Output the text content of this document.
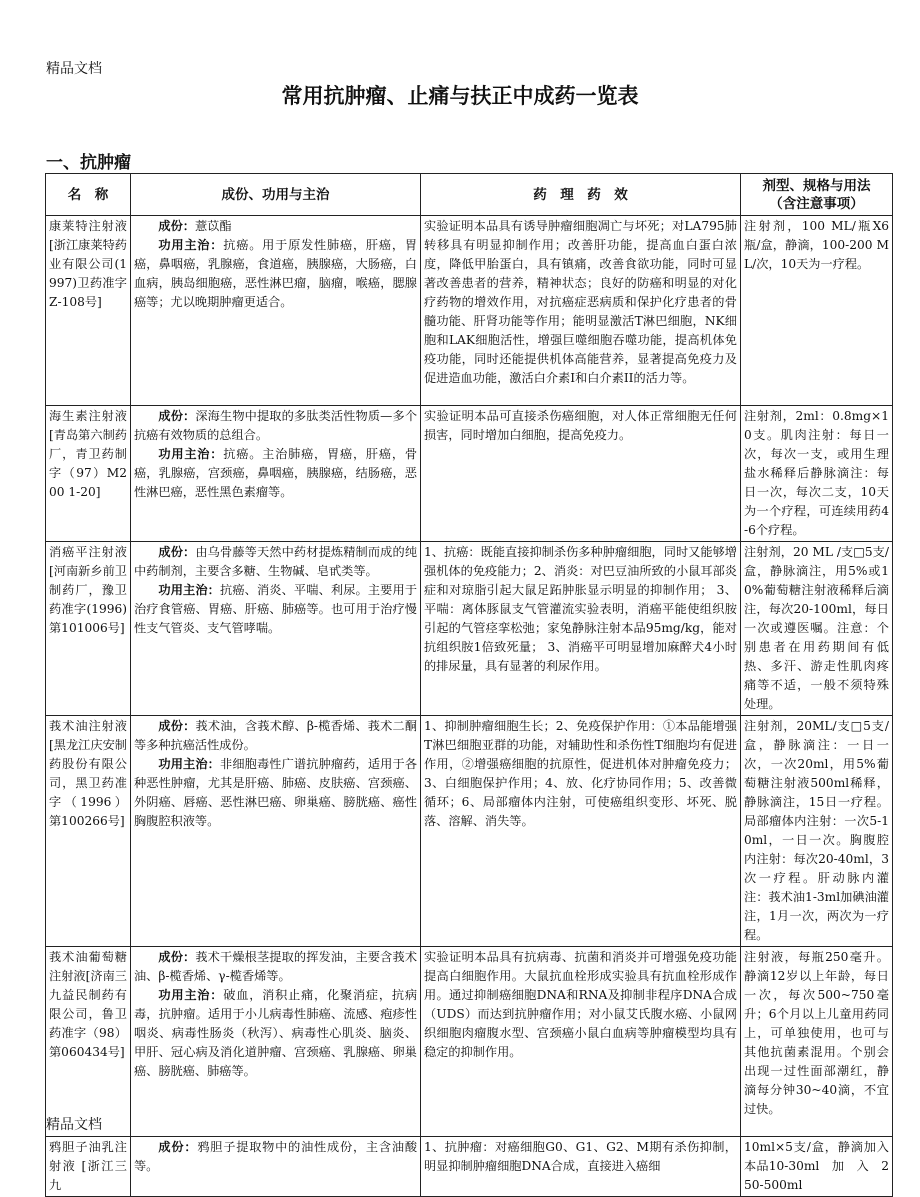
精品文档
常用抗肿瘤、止痛与扶正中成药一览表
一、抗肿瘤
名　称	成份、功用与主治	药　理　药　效	剂型、规格与用法
（含注意事项）

康莱特注射液[浙江康莱特药业有限公司(1997)卫药准字Z-108号]	成份：薏苡酯

功用主治：抗癌。用于原发性肺癌，肝癌，胃癌，鼻咽癌，乳腺癌，食道癌，胰腺癌，大肠癌，白血病，胰岛细胞癌，恶性淋巴瘤，脑瘤，喉癌，腮腺癌等；尤以晚期肿瘤更适合。	实验证明本品具有诱导肿瘤细胞凋亡与坏死；对LA795肺转移具有明显抑制作用；改善肝功能，提高血白蛋白浓度，降低甲胎蛋白，具有镇痛，改善食欲功能，同时可显著改善患者的营养，精神状态；良好的防癌和明显的对化疗药物的增效作用，对抗癌症恶病质和保护化疗患者的骨髓功能、肝肾功能等作用；能明显激活T淋巴细胞，NK细胞和LAK细胞活性，增强巨噬细胞吞噬功能，提高机体免疫功能，同时还能提供机体高能营养，显著提高免疫力及促进造血功能，激活白介素I和白介素II的活力等。	注射剂，100 ML/瓶X6瓶/盒，静滴，100-200 ML/次，10天为一疗程。
海生素注射液[青岛第六制药厂，青卫药制字（97）M200 1-20]	成份：深海生物中提取的多肽类活性物质—多个抗癌有效物质的总组合。

功用主治：抗癌。主治肺癌，胃癌，肝癌，骨癌，乳腺癌，宫颈癌，鼻咽癌，胰腺癌，结肠癌，恶性淋巴癌，恶性黑色素瘤等。	实验证明本品可直接杀伤癌细胞，对人体正常细胞无任何损害，同时增加白细胞，提高免疫力。	注射剂，2ml：0.8mg×10支。肌肉注射：每日一次，每次一支，或用生理盐水稀释后静脉滴注：每日一次，每次二支，10天为一个疗程，可连续用药4-6个疗程。
消癌平注射液[河南新乡前卫制药厂，豫卫药准字(1996)第101006号]	成份：由乌骨藤等天然中药材提炼精制而成的纯中药制剂，主要含多糖、生物碱、皂甙类等。

功用主治：抗癌、消炎、平喘、利尿。主要用于治疗食管癌、胃癌、肝癌、肺癌等。也可用于治疗慢性支气管炎、支气管哮喘。	1、抗癌：既能直接抑制杀伤多种肿瘤细胞，同时又能够增强机体的免疫能力；2、消炎：对巴豆油所致的小鼠耳部炎症和对琼脂引起大鼠足跖肿胀显示明显的抑制作用； 3、平喘：离体豚鼠支气管灌流实验表明，消癌平能使组织胺引起的气管痉挛松弛；家兔静脉注射本品95mg/kg，能对抗组织胺1倍致死量； 3、消癌平可明显增加麻醉犬4小时的排尿量，具有显著的利尿作用。	注射剂，20 ML /支□5支/盒，静脉滴注，用5%或10%葡萄糖注射液稀释后滴注，每次20-100ml，每日一次或遵医嘱。注意：个别患者在用药期间有低热、多汗、游走性肌肉疼痛等不适，一般不须特殊处理。
莪术油注射液[黑龙江庆安制药股份有限公司，黑卫药准字（1996）第100266号]	成份：莪术油，含莪术醇、β-榄香烯、莪术二酮等多种抗癌活性成份。

功用主治：非细胞毒性广谱抗肿瘤药，适用于各种恶性肿瘤，尤其是肝癌、肺癌、皮肤癌、宫颈癌、外阴癌、唇癌、恶性淋巴癌、卵巢癌、膀胱癌、癌性胸腹腔积液等。	1、抑制肿瘤细胞生长；2、免疫保护作用：①本品能增强T淋巴细胞亚群的功能，对辅助性和杀伤性T细胞均有促进作用，②增强癌细胞的抗原性，促进机体对肿瘤免疫力；3、白细胞保护作用；4、放、化疗协同作用；5、改善微循环；6、局部瘤体内注射，可使癌组织变形、坏死、脱落、溶解、消失等。	注射剂，20ML/支□5支/盒，静脉滴注：一日一次，一次20ml，用5%葡萄糖注射液500ml稀释，静脉滴注，15日一疗程。局部瘤体内注射：一次5-10ml，一日一次。胸腹腔内注射：每次20-40ml，3次一疗程。肝动脉内灌注：莪术油1-3ml加碘油灌注，1月一次，两次为一疗程。
莪术油葡萄糖注射液[济南三九益民制药有限公司，鲁卫药准字（98）第060434号]	成份：莪术干燥根茎提取的挥发油，主要含莪术油、β-榄香烯、γ-榄香烯等。

功用主治：破血，消积止痛，化聚消症，抗病毒，抗肿瘤。适用于小儿病毒性肺癌、流感、疱疹性咽炎、病毒性肠炎（秋泻）、病毒性心肌炎、脑炎、甲肝、冠心病及消化道肿瘤、宫颈癌、乳腺癌、卵巢癌、膀胱癌、肺癌等。	实验证明本品具有抗病毒、抗菌和消炎并可增强免疫功能提高白细胞作用。大鼠抗血栓形成实验具有抗血栓形成作用。通过抑制癌细胞DNA和RNA及抑制非程序DNA合成（UDS）而达到抗肿瘤作用；对小鼠艾氏腹水癌、小鼠网织细胞肉瘤腹水型、宫颈癌小鼠白血病等肿瘤模型均具有稳定的抑制作用。	注射液，每瓶250毫升。静滴12岁以上年龄，每日一次，每次500~750毫升；6个月以上儿童用药同上，可单独使用，也可与其他抗菌素混用。个别会出现一过性面部潮红，静滴每分钟30~40滴，不宜过快。
鸦胆子油乳注射液 [浙江三九	成份：鸦胆子提取物中的油性成份，主含油酸等。	1、抗肿瘤：对癌细胞G0、G1、G2、M期有杀伤抑制，明显抑制肿瘤细胞DNA合成，直接进入癌细	10ml×5支/盒，静滴加入本品10-30ml　加　入　250-500ml
精品文档
